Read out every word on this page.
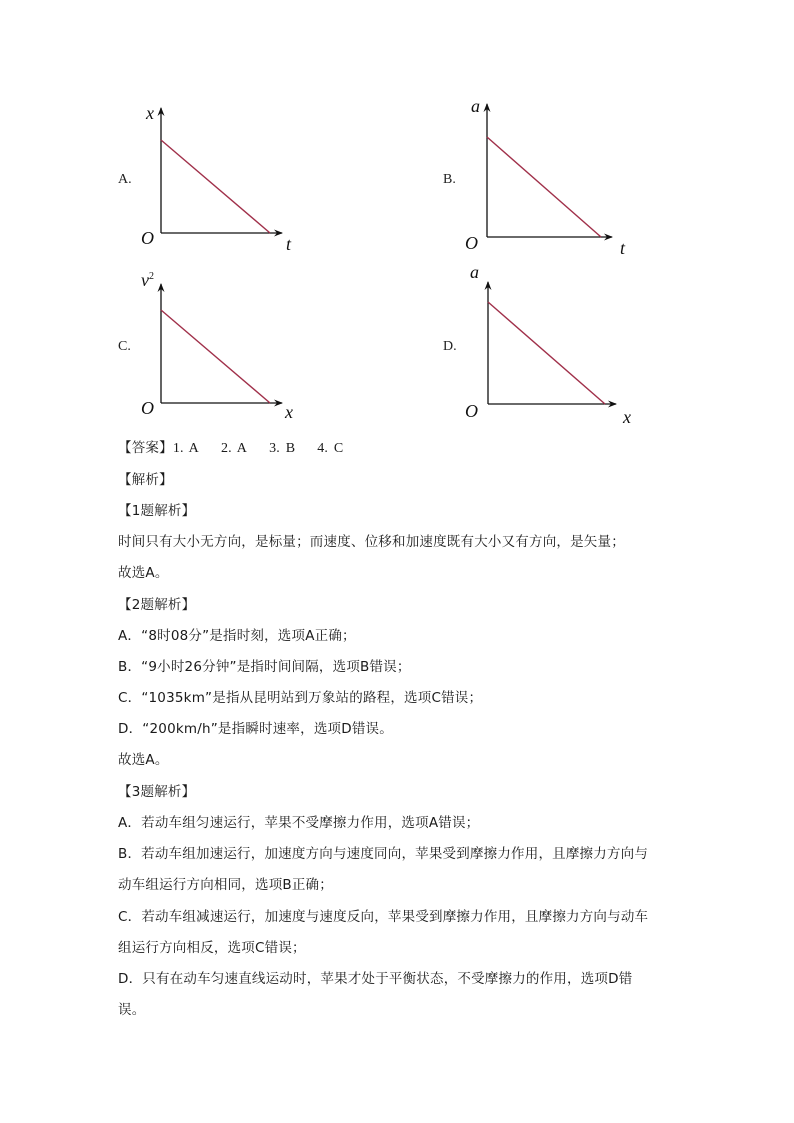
A.	B.
C.	D.
x
t
O
a
t
O
$v^2$
x
O
a
x
O
【答案】1. A 2. A 3. B 4. C
【解析】
【1题解析】
时间只有大小无方向，是标量；而速度、位移和加速度既有大小又有方向，是矢量；
故选A。
【2题解析】
A．“8时08分”是指时刻，选项A正确；
B．“9小时26分钟”是指时间间隔，选项B错误；
C．“1035km”是指从昆明站到万象站的路程，选项C错误；
D．“200km/h”是指瞬时速率，选项D错误。
故选A。
【3题解析】
A．若动车组匀速运行，苹果不受摩擦力作用，选项A错误；
B．若动车组加速运行，加速度方向与速度同向，苹果受到摩擦力作用，且摩擦力方向与
动车组运行方向相同，选项B正确；
C．若动车组减速运行，加速度与速度反向，苹果受到摩擦力作用，且摩擦力方向与动车
组运行方向相反，选项C错误；
D．只有在动车匀速直线运动时，苹果才处于平衡状态，不受摩擦力的作用，选项D错
误。
